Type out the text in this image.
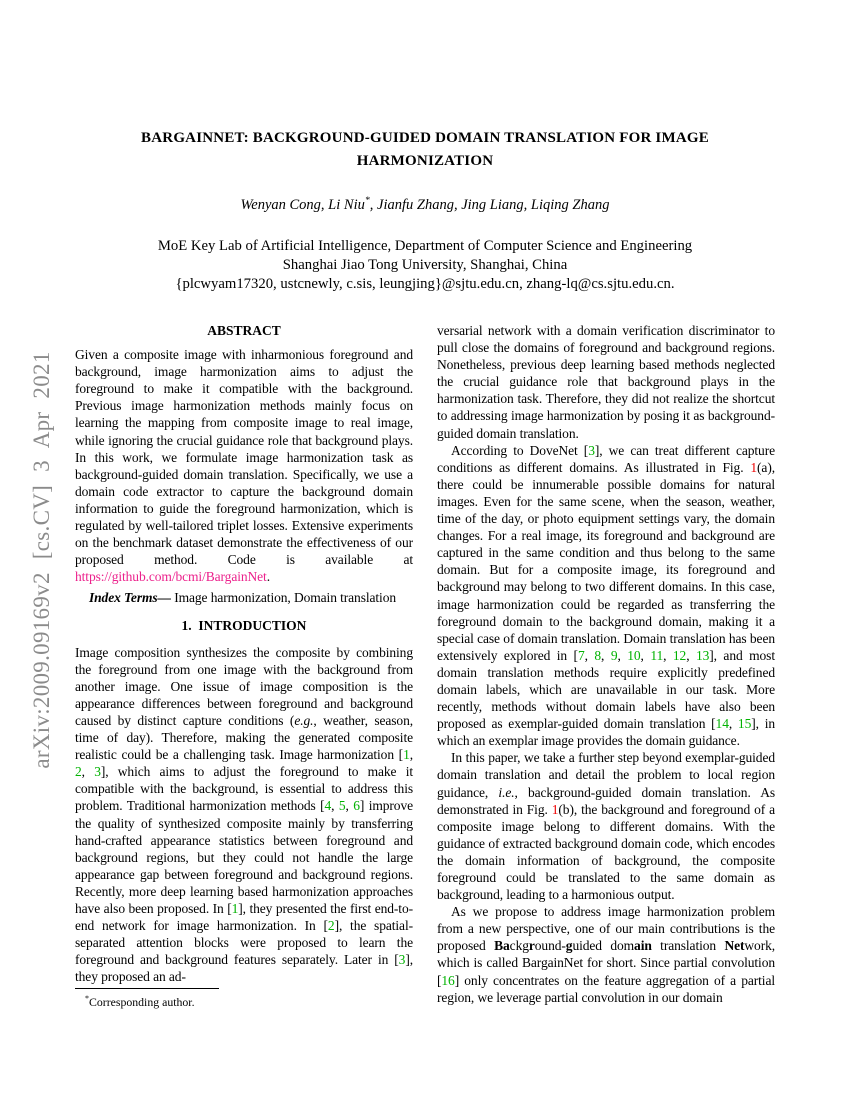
arXiv:2009.09169v2 [cs.CV] 3 Apr 2021
BARGAINNET: BACKGROUND-GUIDED DOMAIN TRANSLATION FOR IMAGE
HARMONIZATION
Wenyan Cong, Li Niu*, Jianfu Zhang, Jing Liang, Liqing Zhang
MoE Key Lab of Artificial Intelligence, Department of Computer Science and Engineering
Shanghai Jiao Tong University, Shanghai, China
{plcwyam17320, ustcnewly, c.sis, leungjing}@sjtu.edu.cn, zhang-lq@cs.sjtu.edu.cn.
ABSTRACT

Given a composite image with inharmonious foreground and background, image harmonization aims to adjust the foreground to make it compatible with the background. Previous image harmonization methods mainly focus on learning the mapping from composite image to real image, while ignoring the crucial guidance role that background plays. In this work, we formulate image harmonization task as background-guided domain translation. Specifically, we use a domain code extractor to capture the background domain information to guide the foreground harmonization, which is regulated by well-tailored triplet losses. Extensive experiments on the benchmark dataset demonstrate the effectiveness of our proposed method. Code is available at https://github.com/bcmi/BargainNet.

Index Terms— Image harmonization, Domain translation

1.  INTRODUCTION

Image composition synthesizes the composite by combining the foreground from one image with the background from another image. One issue of image composition is the appearance differences between foreground and background caused by distinct capture conditions (e.g., weather, season, time of day). Therefore, making the generated composite realistic could be a challenging task. Image harmonization [1, 2, 3], which aims to adjust the foreground to make it compatible with the background, is essential to address this problem. Traditional harmonization methods [4, 5, 6] improve the quality of synthesized composite mainly by transferring hand-crafted appearance statistics between foreground and background regions, but they could not handle the large appearance gap between foreground and background regions. Recently, more deep learning based harmonization approaches have also been proposed. In [1], they presented the first end-to-end network for image harmonization. In [2], the spatial-separated attention blocks were proposed to learn the foreground and background features separately. Later in [3], they proposed an ad-

versarial network with a domain verification discriminator to pull close the domains of foreground and background regions. Nonetheless, previous deep learning based methods neglected the crucial guidance role that background plays in the harmonization task. Therefore, they did not realize the shortcut to addressing image harmonization by posing it as background-guided domain translation.

According to DoveNet [3], we can treat different capture conditions as different domains. As illustrated in Fig. 1(a), there could be innumerable possible domains for natural images. Even for the same scene, when the season, weather, time of the day, or photo equipment settings vary, the domain changes. For a real image, its foreground and background are captured in the same condition and thus belong to the same domain. But for a composite image, its foreground and background may belong to two different domains. In this case, image harmonization could be regarded as transferring the foreground domain to the background domain, making it a special case of domain translation. Domain translation has been extensively explored in [7, 8, 9, 10, 11, 12, 13], and most domain translation methods require explicitly predefined domain labels, which are unavailable in our task. More recently, methods without domain labels have also been proposed as exemplar-guided domain translation [14, 15], in which an exemplar image provides the domain guidance.

In this paper, we take a further step beyond exemplar-guided domain translation and detail the problem to local region guidance, i.e., background-guided domain translation. As demonstrated in Fig. 1(b), the background and foreground of a composite image belong to different domains. With the guidance of extracted background domain code, which encodes the domain information of background, the composite foreground could be translated to the same domain as background, leading to a harmonious output.

As we propose to address image harmonization problem from a new perspective, one of our main contributions is the proposed Background-guided domain translation Network, which is called BargainNet for short. Since partial convolution [16] only concentrates on the feature aggregation of a partial region, we leverage partial convolution in our domain

*Corresponding author.
